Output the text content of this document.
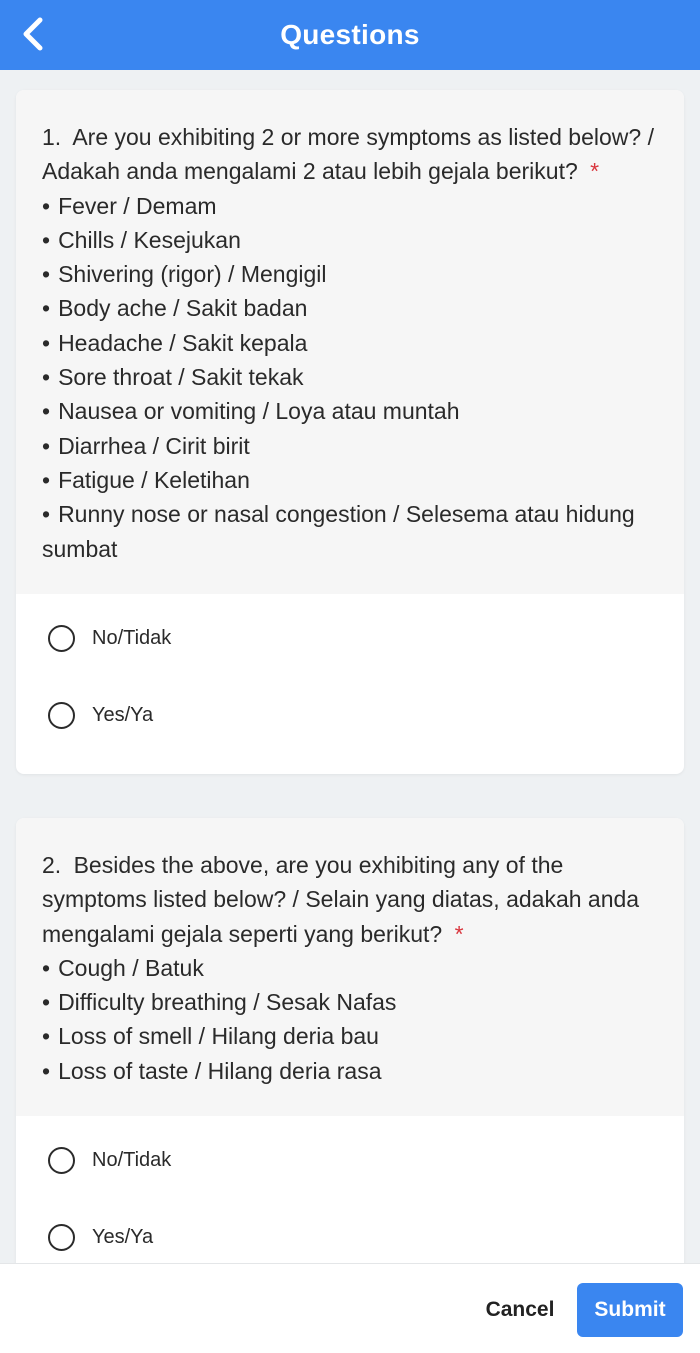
Questions
1. Are you exhibiting 2 or more symptoms as listed below? / Adakah anda mengalami 2 atau lebih gejala berikut? *
• Fever / Demam
• Chills / Kesejukan
• Shivering (rigor) / Mengigil
• Body ache / Sakit badan
• Headache / Sakit kepala
• Sore throat / Sakit tekak
• Nausea or vomiting / Loya atau muntah
• Diarrhea / Cirit birit
• Fatigue / Keletihan
• Runny nose or nasal congestion / Selesema atau hidung sumbat
No/Tidak
Yes/Ya
2. Besides the above, are you exhibiting any of the symptoms listed below? / Selain yang diatas, adakah anda mengalami gejala seperti yang berikut? *
• Cough / Batuk
• Difficulty breathing / Sesak Nafas
• Loss of smell / Hilang deria bau
• Loss of taste / Hilang deria rasa
No/Tidak
Yes/Ya
Cancel	Submit
